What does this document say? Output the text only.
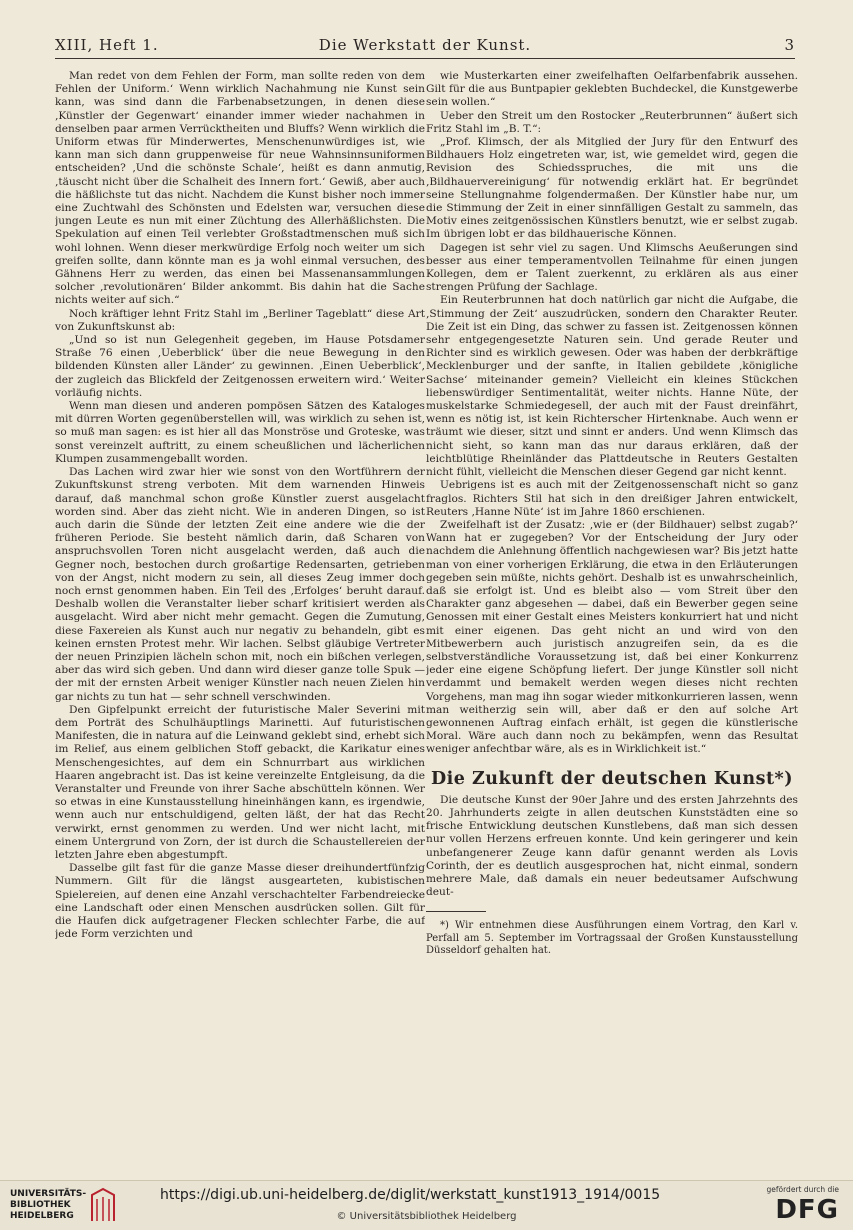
XIII, Heft 1.	Die Werkstatt der Kunst.	3

Man redet von dem Fehlen der Form, man sollte reden von dem Fehlen der Uniform.‘ Wenn wirklich Nachahmung nie Kunst sein kann, was sind dann die Farbenabsetzungen, in denen diese ‚Künstler der Gegenwart‘ einander immer wieder nachahmen in denselben paar armen Verrücktheiten und Bluffs? Wenn wirklich die Uniform etwas für Minderwertes, Menschenunwürdiges ist, wie kann man sich dann gruppenweise für neue Wahnsinnsuniformen entscheiden? ‚Und die schönste Schale‘, heißt es dann anmutig, ‚täuscht nicht über die Schalheit des Innern fort.‘ Gewiß, aber auch die häßlichste tut das nicht. Nachdem die Kunst bisher noch immer eine Zuchtwahl des Schönsten und Edelsten war, versuchen diese jungen Leute es nun mit einer Züchtung des Allerhäßlichsten. Die Spekulation auf einen Teil verlebter Großstadtmenschen muß sich wohl lohnen. Wenn dieser merkwürdige Erfolg noch weiter um sich greifen sollte, dann könnte man es ja wohl einmal versuchen, des Gähnens Herr zu werden, das einen bei Massenansammlungen solcher ‚revolutionären‘ Bilder ankommt. Bis dahin hat die Sache nichts weiter auf sich.“

Noch kräftiger lehnt Fritz Stahl im „Berliner Tageblatt“ diese Art von Zukunftskunst ab:

„Und so ist nun Gelegenheit gegeben, im Hause Potsdamer Straße 76 einen ‚Ueberblick‘ über die neue Bewegung in den bildenden Künsten aller Länder‘ zu gewinnen. ‚Einen Ueberblick‘, der zugleich das Blickfeld der Zeitgenossen erweitern wird.‘ Weiter vorläufig nichts.

Wenn man diesen und anderen pompösen Sätzen des Kataloges mit dürren Worten gegenüberstellen will, was wirklich zu sehen ist, so muß man sagen: es ist hier all das Monströse und Groteske, was sonst vereinzelt auftritt, zu einem scheußlichen und lächerlichen Klumpen zusammengeballt worden.

Das Lachen wird zwar hier wie sonst von den Wortführern der Zukunftskunst streng verboten. Mit dem warnenden Hinweis darauf, daß manchmal schon große Künstler zuerst ausgelacht worden sind. Aber das zieht nicht. Wie in anderen Dingen, so ist auch darin die Sünde der letzten Zeit eine andere wie die der früheren Periode. Sie besteht nämlich darin, daß Scharen von anspruchsvollen Toren nicht ausgelacht werden, daß auch die Gegner noch, bestochen durch großartige Redensarten, getrieben von der Angst, nicht modern zu sein, all dieses Zeug immer doch noch ernst genommen haben. Ein Teil des ‚Erfolges‘ beruht darauf. Deshalb wollen die Veranstalter lieber scharf kritisiert werden als ausgelacht. Wird aber nicht mehr gemacht. Gegen die Zumutung, diese Faxereien als Kunst auch nur negativ zu behandeln, gibt es keinen ernsten Protest mehr. Wir lachen. Selbst gläubige Vertreter der neuen Prinzipien lächeln schon mit, noch ein bißchen verlegen, aber das wird sich geben. Und dann wird dieser ganze tolle Spuk — der mit der ernsten Arbeit weniger Künstler nach neuen Zielen hin gar nichts zu tun hat — sehr schnell verschwinden.

Den Gipfelpunkt erreicht der futuristische Maler Severini mit dem Porträt des Schulhäuptlings Marinetti. Auf futuristischen Manifesten, die in natura auf die Leinwand geklebt sind, erhebt sich im Relief, aus einem gelblichen Stoff gebackt, die Karikatur eines Menschengesichtes, auf dem ein Schnurrbart aus wirklichen Haaren angebracht ist. Das ist keine vereinzelte Entgleisung, da die Veranstalter und Freunde von ihrer Sache abschütteln können. Wer so etwas in eine Kunstausstellung hineinhängen kann, es irgendwie, wenn auch nur entschuldigend, gelten läßt, der hat das Recht verwirkt, ernst genommen zu werden. Und wer nicht lacht, mit einem Untergrund von Zorn, der ist durch die Schaustellereien der letzten Jahre eben abgestumpft.

Dasselbe gilt fast für die ganze Masse dieser dreihundertfünfzig Nummern. Gilt für die längst ausgearteten, kubistischen Spielereien, auf denen eine Anzahl verschachtelter Farbendreiecke eine Landschaft oder einen Menschen ausdrücken sollen. Gilt für die Haufen dick aufgetragener Flecken schlechter Farbe, die auf jede Form verzichten und

wie Musterkarten einer zweifelhaften Oelfarbenfabrik aussehen. Gilt für die aus Buntpapier geklebten Buchdeckel, die Kunstgewerbe sein wollen.“

Ueber den Streit um den Rostocker „Reuterbrunnen“ äußert sich Fritz Stahl im „B. T.“:

„Prof. Klimsch, der als Mitglied der Jury für den Entwurf des Bildhauers Holz eingetreten war, ist, wie gemeldet wird, gegen die Revision des Schiedsspruches, die mit uns die ‚Bildhauervereinigung‘ für notwendig erklärt hat. Er begründet seine Stellungnahme folgendermaßen. Der Künstler habe nur, um die Stimmung der Zeit in einer sinnfälligen Gestalt zu sammeln, das Motiv eines zeitgenössischen Künstlers benutzt, wie er selbst zugab. Im übrigen lobt er das bildhauerische Können.

Dagegen ist sehr viel zu sagen. Und Klimschs Aeußerungen sind besser aus einer temperamentvollen Teilnahme für einen jungen Kollegen, dem er Talent zuerkennt, zu erklären als aus einer strengen Prüfung der Sachlage.

Ein Reuterbrunnen hat doch natürlich gar nicht die Aufgabe, die ‚Stimmung der Zeit‘ auszudrücken, sondern den Charakter Reuter. Die Zeit ist ein Ding, das schwer zu fassen ist. Zeitgenossen können sehr entgegengesetzte Naturen sein. Und gerade Reuter und Richter sind es wirklich gewesen. Oder was haben der derbkräftige Mecklenburger und der sanfte, in Italien gebildete ‚königliche Sachse‘ miteinander gemein? Vielleicht ein kleines Stückchen liebenswürdiger Sentimentalität, weiter nichts. Hanne Nüte, der muskelstarke Schmiedegesell, der auch mit der Faust dreinfährt, wenn es nötig ist, ist kein Richterscher Hirtenknabe. Auch wenn er träumt wie dieser, sitzt und sinnt er anders. Und wenn Klimsch das nicht sieht, so kann man das nur daraus erklären, daß der leichtblütige Rheinländer das Plattdeutsche in Reuters Gestalten nicht fühlt, vielleicht die Menschen dieser Gegend gar nicht kennt.

Uebrigens ist es auch mit der Zeitgenossenschaft nicht so ganz fraglos. Richters Stil hat sich in den dreißiger Jahren entwickelt, Reuters ‚Hanne Nüte‘ ist im Jahre 1860 erschienen.

Zweifelhaft ist der Zusatz: ‚wie er (der Bildhauer) selbst zugab?‘ Wann hat er zugegeben? Vor der Entscheidung der Jury oder nachdem die Anlehnung öffentlich nachgewiesen war? Bis jetzt hatte man von einer vorherigen Erklärung, die etwa in den Erläuterungen gegeben sein müßte, nichts gehört. Deshalb ist es unwahrscheinlich, daß sie erfolgt ist. Und es bleibt also — vom Streit über den Charakter ganz abgesehen — dabei, daß ein Bewerber gegen seine Genossen mit einer Gestalt eines Meisters konkurriert hat und nicht mit einer eigenen. Das geht nicht an und wird von den Mitbewerbern auch juristisch anzugreifen sein, da es die selbstverständliche Voraussetzung ist, daß bei einer Konkurrenz jeder eine eigene Schöpfung liefert. Der junge Künstler soll nicht verdammt und bemakelt werden wegen dieses nicht rechten Vorgehens, man mag ihn sogar wieder mitkonkurrieren lassen, wenn man weitherzig sein will, aber daß er den auf solche Art gewonnenen Auftrag einfach erhält, ist gegen die künstlerische Moral. Wäre auch dann noch zu bekämpfen, wenn das Resultat weniger anfechtbar wäre, als es in Wirklichkeit ist.“

Die Zukunft der deutschen Kunst*)

Die deutsche Kunst der 90er Jahre und des ersten Jahrzehnts des 20. Jahrhunderts zeigte in allen deutschen Kunststädten eine so frische Entwicklung deutschen Kunstlebens, daß man sich dessen nur vollen Herzens erfreuen konnte. Und kein geringerer und kein unbefangenerer Zeuge kann dafür genannt werden als Lovis Corinth, der es deutlich ausgesprochen hat, nicht einmal, sondern mehrere Male, daß damals ein neuer bedeutsamer Aufschwung deut-

*) Wir entnehmen diese Ausführungen einem Vortrag, den Karl v. Perfall am 5. September im Vortragssaal der Großen Kunstausstellung Düsseldorf gehalten hat.

UNIVERSITÄTS-
BIBLIOTHEK
HEIDELBERG
https://digi.ub.uni-heidelberg.de/diglit/werkstatt_kunst1913_1914/0015
© Universitätsbibliothek Heidelberg
gefördert durch die
DFG
